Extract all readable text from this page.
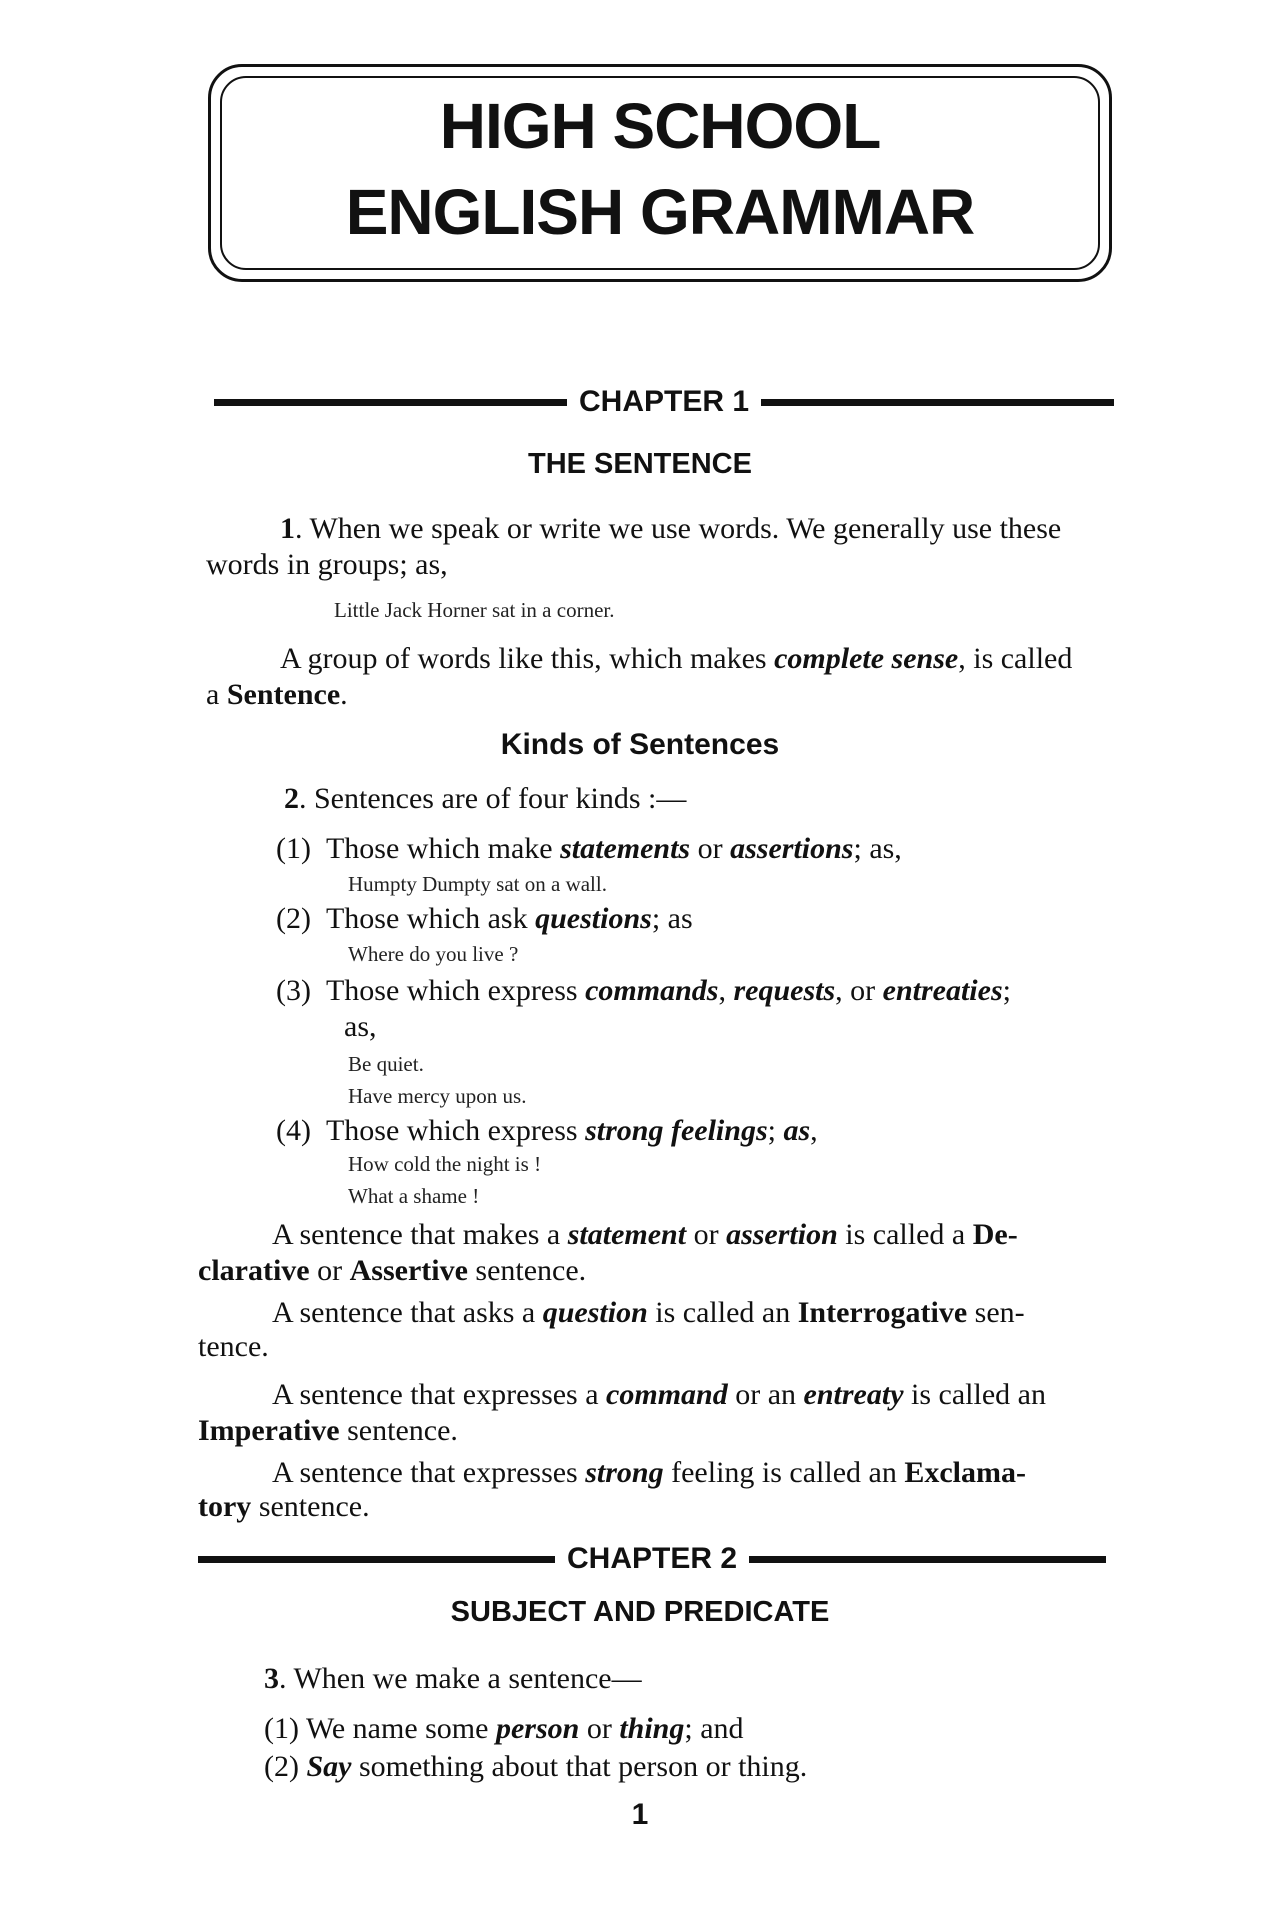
HIGH SCHOOL
ENGLISH GRAMMAR
CHAPTER 1
THE SENTENCE
1. When we speak or write we use words. We generally use these
words in groups; as,
Little Jack Horner sat in a corner.
A group of words like this, which makes complete sense, is called
a Sentence.
Kinds of Sentences
2. Sentences are of four kinds :—
(1) Those which make statements or assertions; as,
Humpty Dumpty sat on a wall.
(2) Those which ask questions; as
Where do you live ?
(3) Those which express commands, requests, or entreaties;
as,
Be quiet.
Have mercy upon us.
(4) Those which express strong feelings; as,
How cold the night is !
What a shame !
A sentence that makes a statement or assertion is called a De-
clarative or Assertive sentence.
A sentence that asks a question is called an Interrogative sen-
tence.
A sentence that expresses a command or an entreaty is called an
Imperative sentence.
A sentence that expresses strong feeling is called an Exclama-
tory sentence.
CHAPTER 2
SUBJECT AND PREDICATE
3. When we make a sentence—
(1) We name some person or thing; and
(2) Say something about that person or thing.
1
